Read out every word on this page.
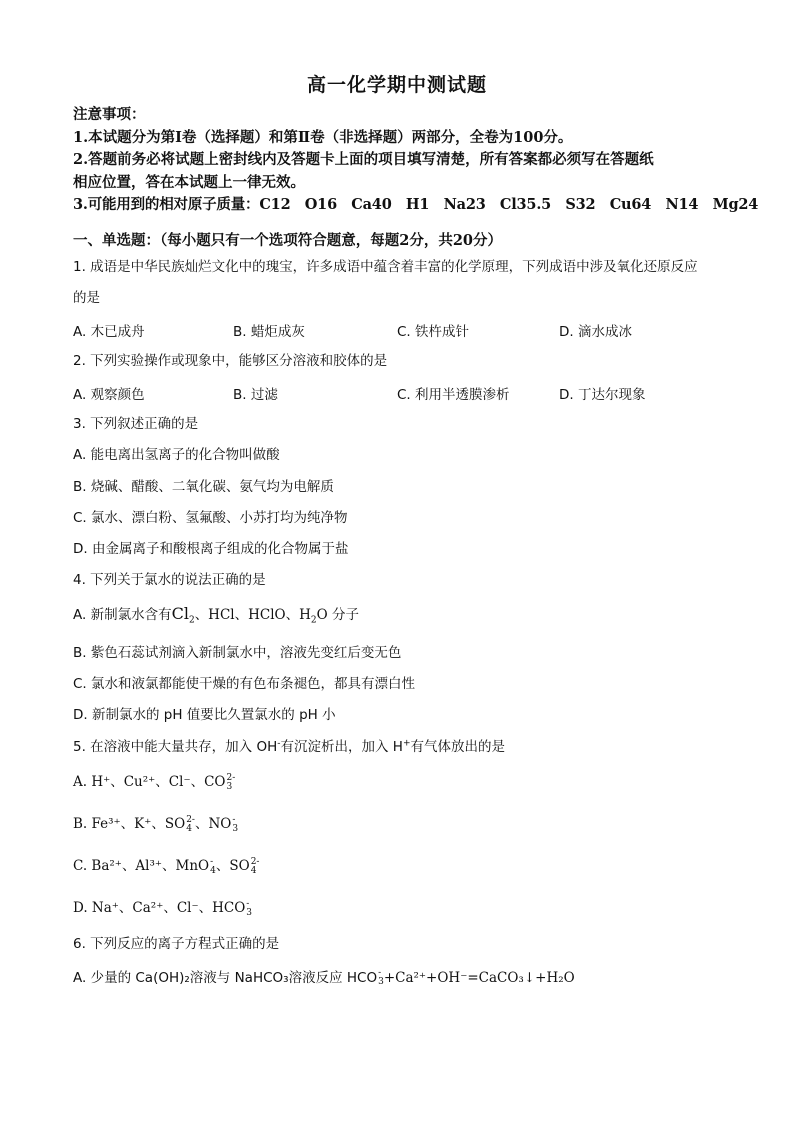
高一化学期中测试题
注意事项：
1.本试题分为第Ⅰ卷（选择题）和第Ⅱ卷（非选择题）两部分，全卷为100分。
2.答题前务必将试题上密封线内及答题卡上面的项目填写清楚，所有答案都必须写在答题纸
相应位置，答在本试题上一律无效。
3.可能用到的相对原子质量：C12　O16　Ca40　H1　Na23　Cl35.5　S32　Cu64　N14　Mg24
一、单选题：（每小题只有一个选项符合题意，每题2分，共20分）
1. 成语是中华民族灿烂文化中的瑰宝，许多成语中蕴含着丰富的化学原理，下列成语中涉及氧化还原反应
的是
A. 木已成舟	B. 蜡炬成灰	C. 铁杵成针	D. 滴水成冰
2. 下列实验操作或现象中，能够区分溶液和胶体的是
A. 观察颜色	B. 过滤	C. 利用半透膜渗析	D. 丁达尔现象
3. 下列叙述正确的是
A. 能电离出氢离子的化合物叫做酸
B. 烧碱、醋酸、二氧化碳、氨气均为电解质
C. 氯水、漂白粉、氢氟酸、小苏打均为纯净物
D. 由金属离子和酸根离子组成的化合物属于盐
4. 下列关于氯水的说法正确的是
A. 新制氯水含有$Cl_2$、HCl、HClO、$H_2O$ 分子
B. 紫色石蕊试剂滴入新制氯水中，溶液先变红后变无色
C. 氯水和液氯都能使干燥的有色布条褪色，都具有漂白性
D. 新制氯水的 pH 值要比久置氯水的 pH 小
5. 在溶液中能大量共存，加入 OH-有沉淀析出，加入 H+有气体放出的是
A. H⁺、Cu²⁺、Cl⁻、CO 2-
3
B. Fe³⁺、K⁺、SO 2-
4 、NO -
3
C. Ba²⁺、Al³⁺、MnO -
4 、SO 2-
4
D. Na⁺、Ca²⁺、Cl⁻、HCO -
3
6. 下列反应的离子方程式正确的是
A. 少量的 Ca(OH)₂溶液与 NaHCO₃溶液反应 HCO -
3 +Ca²⁺+OH⁻=CaCO₃↓+H₂O
